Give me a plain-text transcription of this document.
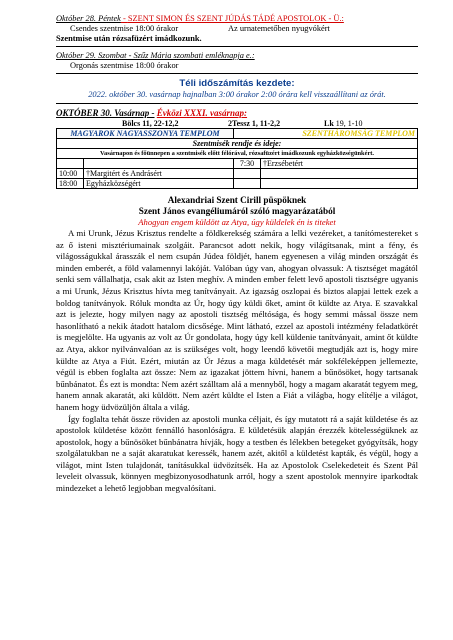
Október 28. Péntek - SZENT SIMON ÉS SZENT JÚDÁS TÁDÉ APOSTOLOK - Ü.:
Csendes szentmise 18:00 órakor	Az urnatemetőben nyugvókért
Szentmise után rózsafüzért imádkozunk.
Október 29. Szombat - Szűz Mária szombati emléknapja e.:
Orgonás szentmise 18:00 órakor
Téli időszámítás kezdete:
2022. október 30. vasárnap hajnalban 3:00 órakor 2:00 órára kell visszaállítani az órát.
OKTÓBER 30. Vasárnap - Évközi XXXI. vasárnap:
Bölcs 11, 22-12,2	2Tessz 1, 11-2,2	Lk 19, 1-10
MAGYAROK NAGYASSZONYA TEMPLOM		SZENTHÁROMSÁG TEMPLOM	
Szentmisék rendje és ideje:			
Vasárnapon és főünnepen a szentmisék előtt félórával, rózsafüzért imádkozunk egyházközségünkért.			
		7:30	†Erzsébetért
10:00	†Margitért és Andrásért		
18:00	Egyházközségért		
Alexandriai Szent Cirill püspöknek
Szent János evangéliumáról szóló magyarázatából
Ahogyan engem küldött az Atya, úgy küldelek én is titeket

A mi Urunk, Jézus Krisztus rendelte a földkerekség számára a lelki vezéreket, a tanítómestereket s az ő isteni misztériumainak szolgáit. Parancsot adott nekik, hogy világítsanak, mint a fény, és világosságukkal árasszák el nem csupán Júdea földjét, hanem egyenesen a világ minden országát és minden emberét, a föld valamennyi lakóját. Valóban úgy van, ahogyan olvassuk: A tisztséget magától senki sem vállalhatja, csak akit az Isten meghív. A minden ember felett levő apostoli tisztségre ugyanis a mi Urunk, Jézus Krisztus hívta meg tanítványait. Az igazság oszlopai és biztos alapjai lettek ezek a boldog tanítványok. Róluk mondta az Úr, hogy úgy küldi őket, amint őt küldte az Atya. E szavakkal azt is jelezte, hogy milyen nagy az apostoli tisztség méltósága, és hogy semmi mással össze nem hasonlítható a nekik átadott hatalom dicsősége. Mint látható, ezzel az apostoli intézmény feladatkörét is megjelölte. Ha ugyanis az volt az Úr gondolata, hogy úgy kell küldenie tanítványait, amint őt küldte az Atya, akkor nyilvánvalóan az is szükséges volt, hogy leendő követői megtudják azt is, hogy mire küldte az Atya a Fiút. Ezért, miután az Úr Jézus a maga küldetését már sokféleképpen jellemezte, végül is ebben foglalta azt össze: Nem az igazakat jöttem hívni, hanem a bűnösöket, hogy tartsanak bűnbánatot. És ezt is mondta: Nem azért szálltam alá a mennyből, hogy a magam akaratát tegyem meg, hanem annak akaratát, aki küldött. Nem azért küldte el Isten a Fiát a világba, hogy elítélje a világot, hanem hogy üdvözüljön általa a világ.

Így foglalta tehát össze röviden az apostoli munka céljait, és így mutatott rá a saját küldetése és az apostolok küldetése között fennálló hasonlóságra. E küldetésük alapján érezzék kötelességüknek az apostolok, hogy a bűnösöket bűnbánatra hívják, hogy a testben és lélekben betegeket gyógyítsák, hogy szolgálatukban ne a saját akaratukat keressék, hanem azét, akitől a küldetést kapták, és végül, hogy a világot, mint Isten tulajdonát, tanításukkal üdvözítsék. Ha az Apostolok Cselekedeteit és Szent Pál leveleit olvassuk, könnyen megbizonyosodhatunk arról, hogy a szent apostolok mennyire iparkodtak mindezeket a lehető legjobban megvalósítani.
